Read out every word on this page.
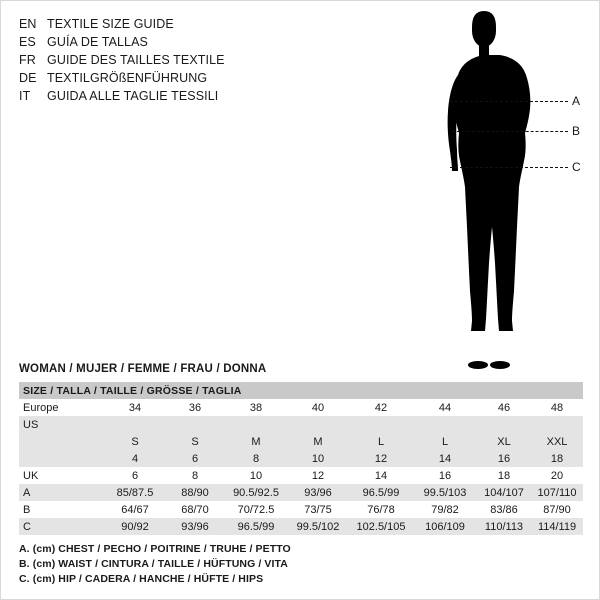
EN TEXTILE SIZE GUIDE
ES GUÍA DE TALLAS
FR GUIDE DES TAILLES TEXTILE
DE TEXTILGRÖßENFÜHRUNG
IT	GUIDA ALLE TAGLIE TESSILI	A
B
C
WOMAN / MUJER / FEMME / FRAU / DONNA
SIZE / TALLA / TAILLE / GRÖSSE / TAGLIA								
Europe	34	36	38	40	42	44	46	48
US								
	S	S	M	M	L	L	XL	XXL
	4	6	8	10	12	14	16	18
UK	6	8	10	12	14	16	18	20
A	85/87.5	88/90	90.5/92.5	93/96	96.5/99	99.5/103	104/107	107/110
B	64/67	68/70	70/72.5	73/75	76/78	79/82	83/86	87/90
C	90/92	93/96	96.5/99	99.5/102	102.5/105	106/109	110/113	114/119
A. (cm) CHEST / PECHO / POITRINE / TRUHE / PETTO
B. (cm) WAIST / CINTURA / TAILLE / HÜFTUNG / VITA
C. (cm) HIP / CADERA / HANCHE / HÜFTE / HIPS
